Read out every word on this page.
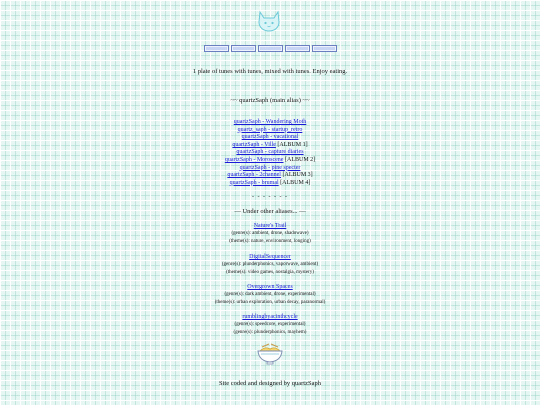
1 plate of tunes with tunes, mixed with tunes. Enjoy eating.
~~ quartzSaph (main alias) ~~
quartzSaph - Wandering Moth
quartz_saph - startup_retro
quartzSaph - vacational
quartzSaph - Ville [ALBUM 1]
quartzSaph - capture diaries
quartzSaph - Moroscene [ALBUM 2]
quartzSaph - pine specter
quartzSaph - 2channel [ALBUM 3]
quartzSaph - brumal [ALBUM 4]
- - - - - - -
— Under other aliases... —
Nature's Trail
(genre(s): ambient, drone, shadowave)
(theme(s): nature, environment, longing)
DigitalSequencer
(genre(s): plunderphonics, vaporwave, ambient)
(theme(s): video games, nostalgia, mystery)
Overgrown Spaces
(genre(s): dark ambient, drone, experimental)
(theme(s): urban exploration, urban decay, paranormal)
rumblingbyacinthcycle
(genre(s): speedcore, experimental)
(genre(s): plunderphonics, mayhem)
Site coded and designed by quartzSaph
